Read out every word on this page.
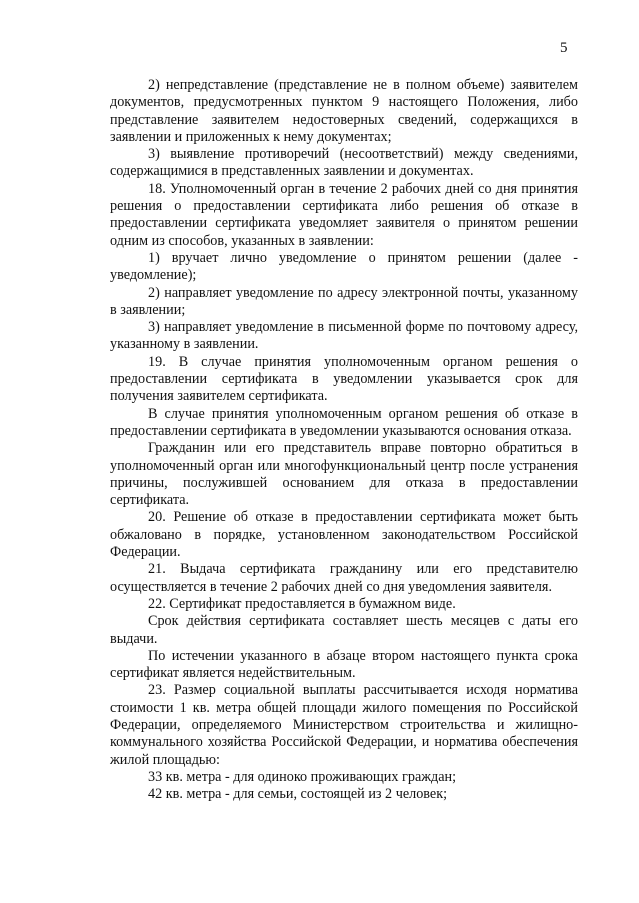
5

2) непредставление (представление не в полном объеме) заявителем документов, предусмотренных пунктом 9 настоящего Положения, либо представление заявителем недостоверных сведений, содержащихся в заявлении и приложенных к нему документах;

3) выявление противоречий (несоответствий) между сведениями, содержащимися в представленных заявлении и документах.

18. Уполномоченный орган в течение 2 рабочих дней со дня принятия решения о предоставлении сертификата либо решения об отказе в предоставлении сертификата уведомляет заявителя о принятом решении одним из способов, указанных в заявлении:

1) вручает лично уведомление о принятом решении (далее - уведомление);

2) направляет уведомление по адресу электронной почты, указанному в заявлении;

3) направляет уведомление в письменной форме по почтовому адресу, указанному в заявлении.

19. В случае принятия уполномоченным органом решения о предоставлении сертификата в уведомлении указывается срок для получения заявителем сертификата.

В случае принятия уполномоченным органом решения об отказе в предоставлении сертификата в уведомлении указываются основания отказа.

Гражданин или его представитель вправе повторно обратиться в уполномоченный орган или многофункциональный центр после устранения причины, послужившей основанием для отказа в предоставлении сертификата.

20. Решение об отказе в предоставлении сертификата может быть обжаловано в порядке, установленном законодательством Российской Федерации.

21. Выдача сертификата гражданину или его представителю осуществляется в течение 2 рабочих дней со дня уведомления заявителя.

22. Сертификат предоставляется в бумажном виде.

Срок действия сертификата составляет шесть месяцев с даты его выдачи.

По истечении указанного в абзаце втором настоящего пункта срока сертификат является недействительным.

23. Размер социальной выплаты рассчитывается исходя норматива стоимости 1 кв. метра общей площади жилого помещения по Российской Федерации, определяемого Министерством строительства и жилищно-коммунального хозяйства Российской Федерации, и норматива обеспечения жилой площадью:

33 кв. метра - для одиноко проживающих граждан;

42 кв. метра - для семьи, состоящей из 2 человек;
